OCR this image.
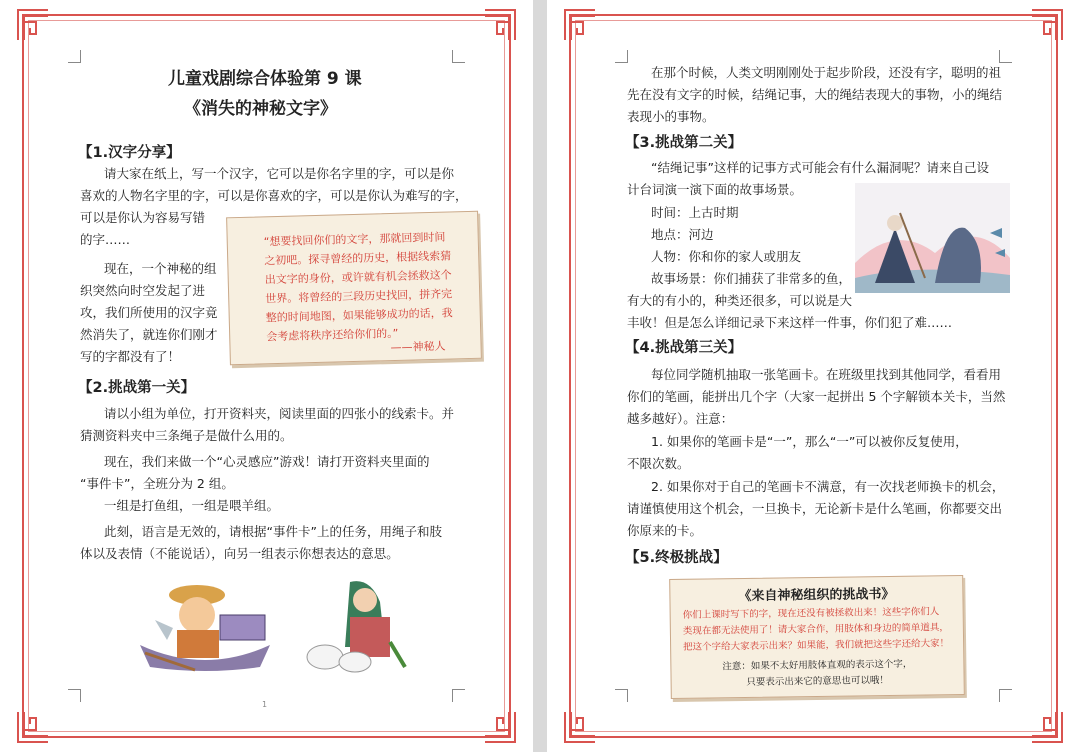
儿童戏剧综合体验第 9 课
《消失的神秘文字》
【1.汉字分享】
请大家在纸上，写一个汉字，它可以是你名字里的字，可以是你
喜欢的人物名字里的字，可以是你喜欢的字，可以是你认为难写的字，
可以是你认为容易写错
的字……
现在，一个神秘的组
织突然向时空发起了进
攻，我们所使用的汉字竟
然消失了，就连你们刚才
写的字都没有了！
“想要找回你们的文字，那就回到时间
之初吧。探寻曾经的历史，根据线索猜
出文字的身份，或许就有机会拯救这个
世界。将曾经的三段历史找回，拼齐完
整的时间地图，如果能够成功的话，我
会考虑将秩序还给你们的。”
——神秘人
【2.挑战第一关】
请以小组为单位，打开资料夹，阅读里面的四张小的线索卡。并
猜测资料夹中三条绳子是做什么用的。
现在，我们来做一个“心灵感应”游戏！请打开资料夹里面的
“事件卡”，全班分为 2 组。
一组是打鱼组，一组是喂羊组。
此刻，语言是无效的，请根据“事件卡”上的任务，用绳子和肢
体以及表情（不能说话），向另一组表示你想表达的意思。
1
在那个时候，人类文明刚刚处于起步阶段，还没有字，聪明的祖
先在没有文字的时候，结绳记事，大的绳结表现大的事物，小的绳结
表现小的事物。
【3.挑战第二关】
“结绳记事”这样的记事方式可能会有什么漏洞呢？请来自己设
计台词演一演下面的故事场景。
时间：上古时期
地点：河边
人物：你和你的家人或朋友
故事场景：你们捕获了非常多的鱼，
有大的有小的，种类还很多，可以说是大
丰收！但是怎么详细记录下来这样一件事，你们犯了难……
【4.挑战第三关】
每位同学随机抽取一张笔画卡。在班级里找到其他同学，看看用
你们的笔画，能拼出几个字（大家一起拼出 5 个字解锁本关卡，当然
越多越好）。注意：
1. 如果你的笔画卡是“一”，那么“一”可以被你反复使用，
不限次数。
2. 如果你对于自己的笔画卡不满意，有一次找老师换卡的机会，
请谨慎使用这个机会，一旦换卡，无论新卡是什么笔画，你都要交出
你原来的卡。
【5.终极挑战】
《来自神秘组织的挑战书》
你们上课时写下的字，现在还没有被拯救出来！这些字你们人
类现在都无法使用了！请大家合作，用肢体和身边的简单道具，
把这个字给大家表示出来？如果能，我们就把这些字还给大家！
注意：如果不太好用肢体直观的表示这个字，
只要表示出来它的意思也可以哦！
